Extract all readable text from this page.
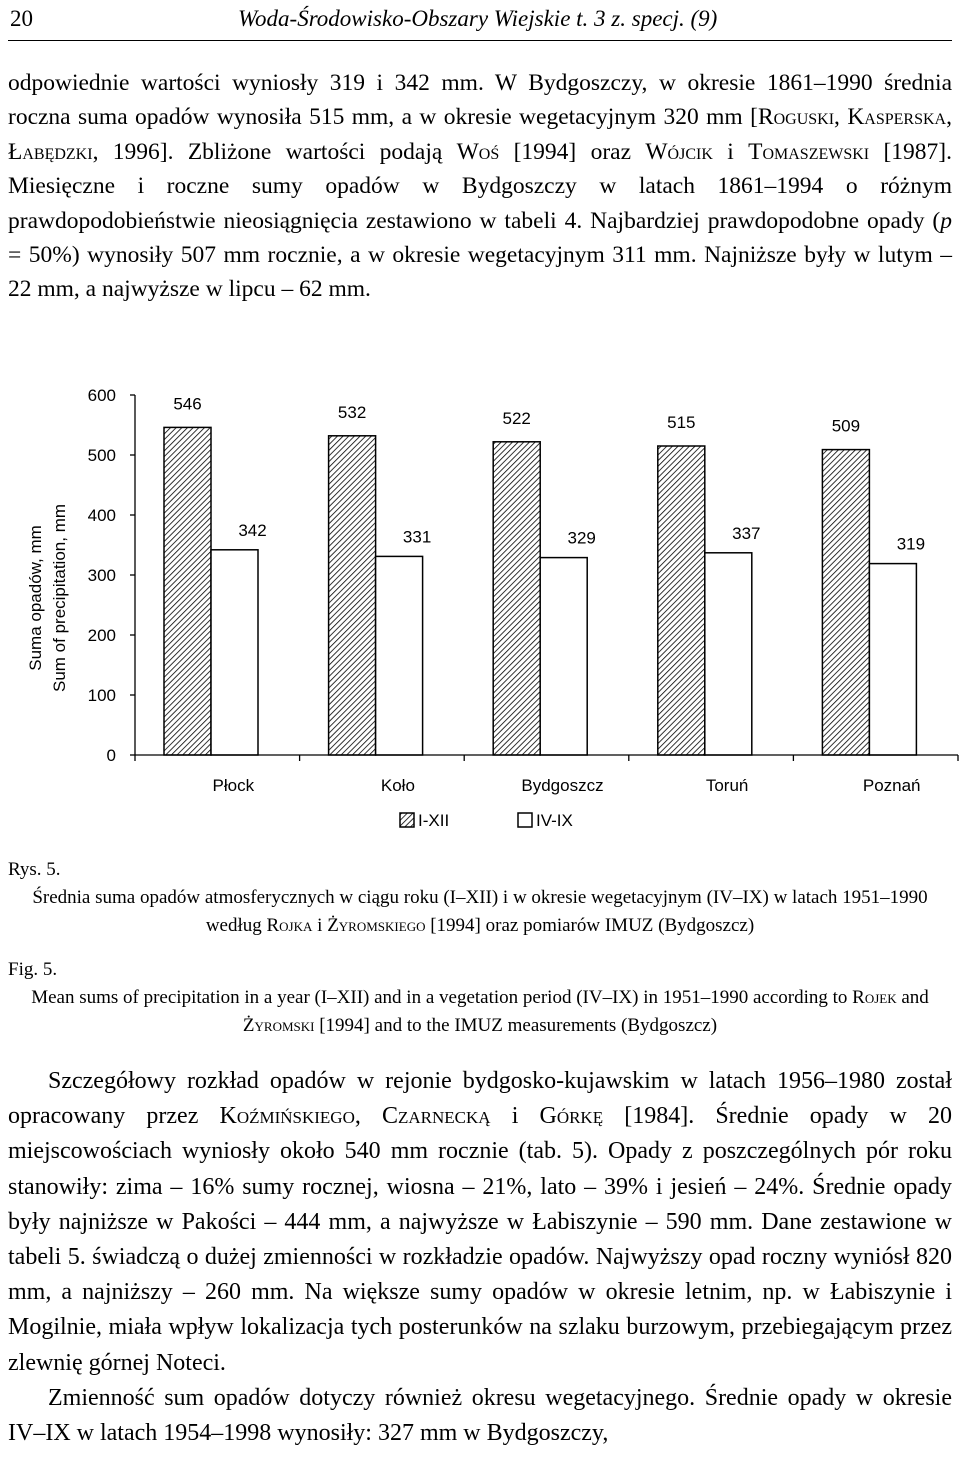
20	Woda-Środowisko-Obszary Wiejskie t. 3 z. specj. (9)

odpowiednie wartości wyniosły 319 i 342 mm. W Bydgoszczy, w okresie 1861–1990 średnia roczna suma opadów wynosiła 515 mm, a w okresie wegetacyjnym 320 mm [Roguski, Kasperska, Łabędzki, 1996]. Zbliżone wartości podają Woś [1994] oraz Wójcik i Tomaszewski [1987]. Miesięczne i roczne sumy opadów w Bydgoszczy w latach 1861–1994 o różnym prawdopodobieństwie nieosiągnięcia zestawiono w tabeli 4. Najbardziej prawdopodobne opady (p = 50%) wynosiły 507 mm rocznie, a w okresie wegetacyjnym 311 mm. Najniższe były w lutym – 22 mm, a najwyższe w lipcu – 62 mm.

Suma opadów, mm Sum of precipitation, mm
0
100
200
300
400
500
600	546
342
Płock
532
331
Koło
522
329
Bydgoszcz
515
337
Toruń
509
319
Poznań
I-XII	IV-IX

Rys. 5.
Średnia suma opadów atmosferycznych w ciągu roku (I–XII) i w okresie wegetacyjnym (IV–IX) w latach 1951–1990 według Rojka i Żyromskiego [1994] oraz pomiarów IMUZ (Bydgoszcz)

Fig. 5.
Mean sums of precipitation in a year (I–XII) and in a vegetation period (IV–IX) in 1951–1990 according to Rojek and Żyromski [1994] and to the IMUZ measurements (Bydgoszcz)

Szczegółowy rozkład opadów w rejonie bydgosko-kujawskim w latach 1956–1980 został opracowany przez Koźmińskiego, Czarnecką i Górkę [1984]. Średnie opady w 20 miejscowościach wyniosły około 540 mm rocznie (tab. 5). Opady z poszczególnych pór roku stanowiły: zima – 16% sumy rocznej, wiosna – 21%, lato – 39% i jesień – 24%. Średnie opady były najniższe w Pakości – 444 mm, a najwyższe w Łabiszynie – 590 mm. Dane zestawione w tabeli 5. świadczą o dużej zmienności w rozkładzie opadów. Najwyższy opad roczny wyniósł 820 mm, a najniższy – 260 mm. Na większe sumy opadów w okresie letnim, np. w Łabiszynie i Mogilnie, miała wpływ lokalizacja tych posterunków na szlaku burzowym, przebiegającym przez zlewnię górnej Noteci.
Zmienność sum opadów dotyczy również okresu wegetacyjnego. Średnie opady w okresie IV–IX w latach 1954–1998 wynosiły: 327 mm w Bydgoszczy,
